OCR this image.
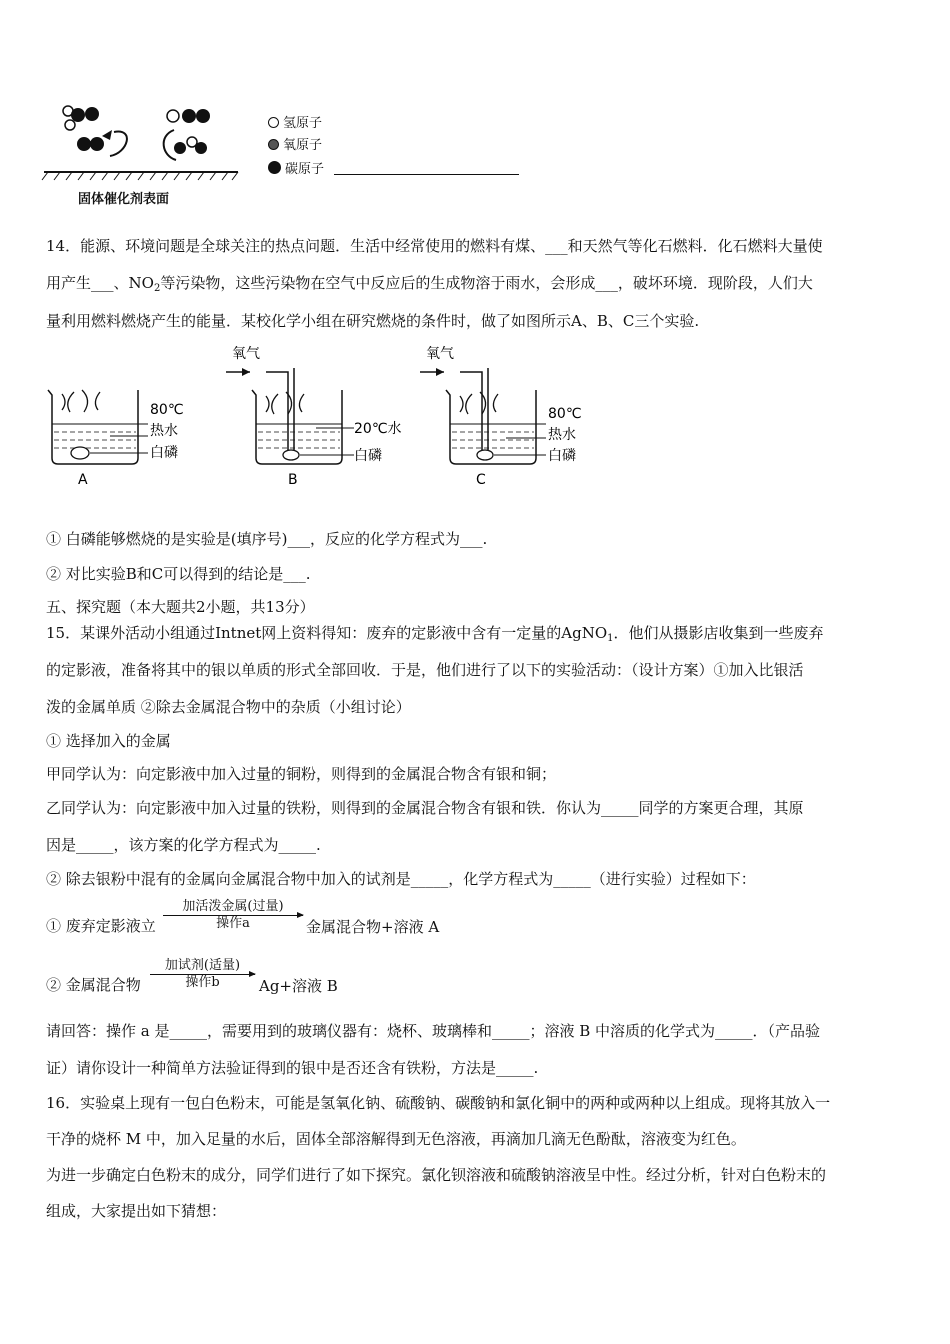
固体催化剂表面
氢原子
氧原子
碳原子
14．能源、环境问题是全球关注的热点问题．生活中经常使用的燃料有煤、___和天然气等化石燃料．化石燃料大量使
用产生___、$NO_2$等污染物，这些污染物在空气中反应后的生成物溶于雨水，会形成___，破坏环境．现阶段，人们大
量利用燃料燃烧产生的能量．某校化学小组在研究燃烧的条件时，做了如图所示A、B、C三个实验.
80℃
热水
白磷
A
氧气
20℃水
白磷
B
氧气
80℃
热水
白磷
C
① 白磷能够燃烧的是实验是(填序号)___，反应的化学方程式为___.
② 对比实验B和C可以得到的结论是___.
五、探究题（本大题共2小题，共13分）
15．某课外活动小组通过Intnet网上资料得知：废弃的定影液中含有一定量的AgNO$_1$．他们从摄影店收集到一些废弃
的定影液，准备将其中的银以单质的形式全部回收．于是，他们进行了以下的实验活动：（设计方案）①加入比银活
泼的金属单质 ②除去金属混合物中的杂质（小组讨论）
① 选择加入的金属
甲同学认为：向定影液中加入过量的铜粉，则得到的金属混合物含有银和铜；
乙同学认为：向定影液中加入过量的铁粉，则得到的金属混合物含有银和铁．你认为_____同学的方案更合理，其原
因是_____，该方案的化学方程式为_____.
② 除去银粉中混有的金属向金属混合物中加入的试剂是_____，化学方程式为_____（进行实验）过程如下：
① 废弃定影液立
加活泼金属(过量)
操作a	金属混合物+溶液 A
② 金属混合物
加试剂(适量)
操作b	Ag+溶液 B
请回答：操作 a 是_____，需要用到的玻璃仪器有：烧杯、玻璃棒和_____；溶液 B 中溶质的化学式为_____．（产品验
证）请你设计一种简单方法验证得到的银中是否还含有铁粉，方法是_____.
16．实验桌上现有一包白色粉末，可能是氢氧化钠、硫酸钠、碳酸钠和氯化铜中的两种或两种以上组成。现将其放入一
干净的烧杯 M 中，加入足量的水后，固体全部溶解得到无色溶液，再滴加几滴无色酚酞，溶液变为红色。
为进一步确定白色粉末的成分，同学们进行了如下探究。氯化钡溶液和硫酸钠溶液呈中性。经过分析，针对白色粉末的
组成，大家提出如下猜想：
